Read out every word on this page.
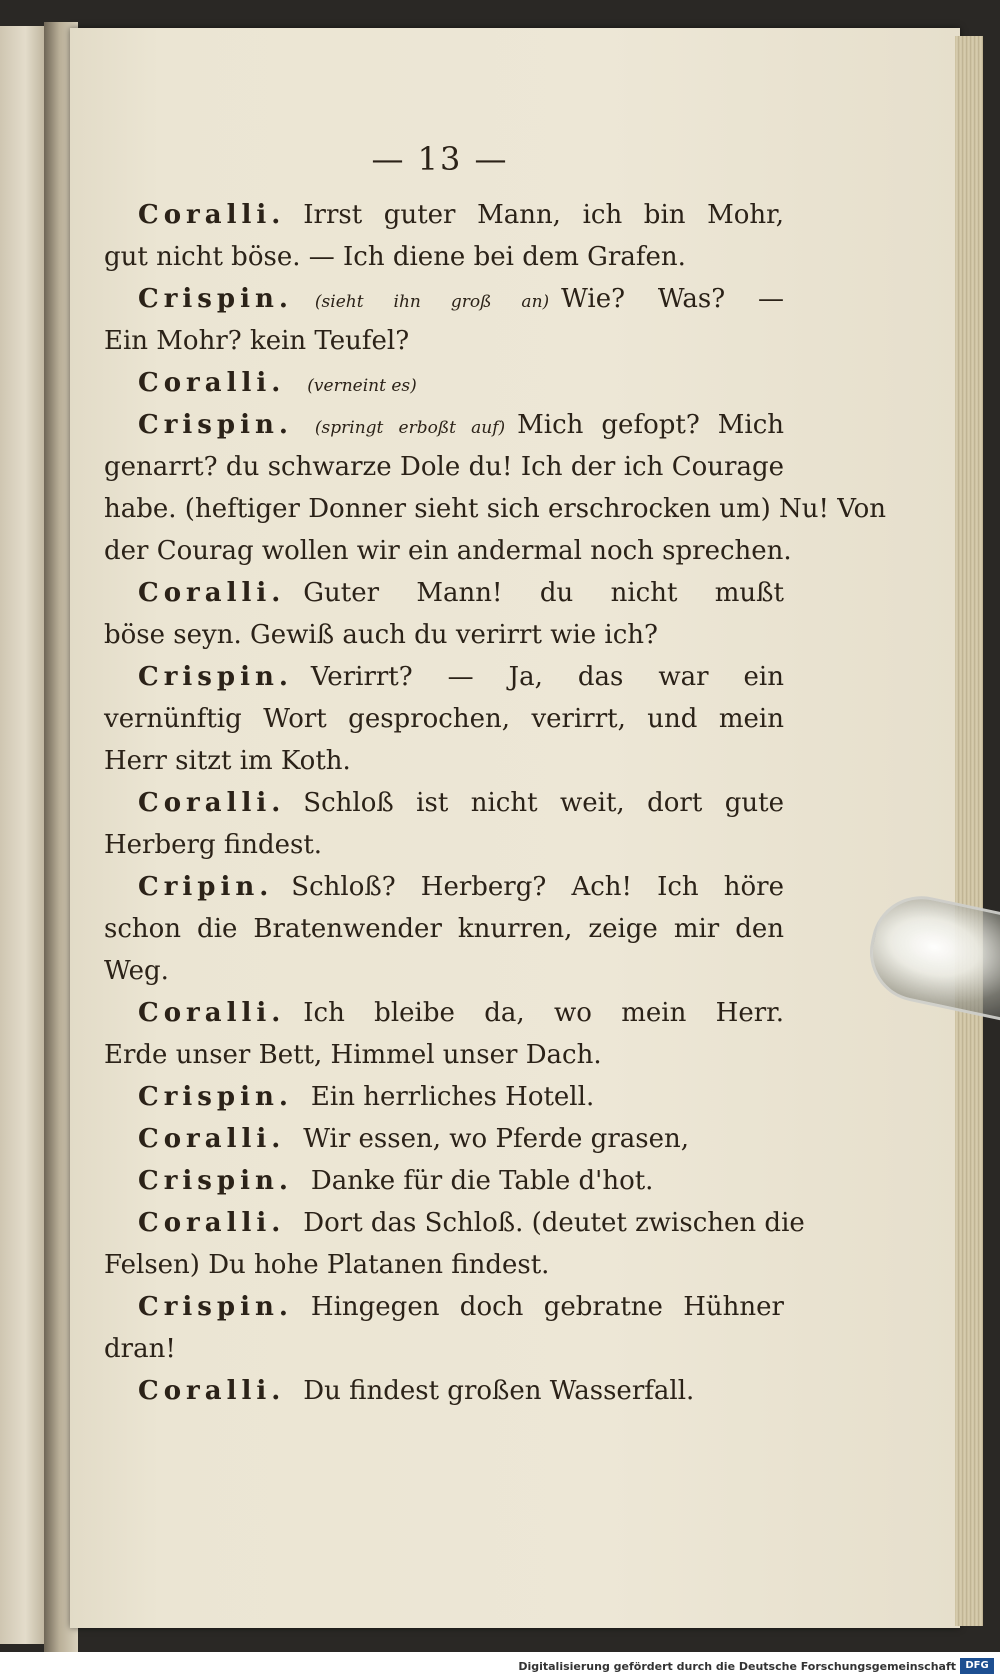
— 13 —
Coralli. Irrst guter Mann, ich bin Mohr,
gut nicht böse. — Ich diene bei dem Grafen.
Crispin. (sieht ihn groß an) Wie? Was? —
Ein Mohr? kein Teufel?
Coralli. (verneint es)
Crispin. (springt erboßt auf) Mich gefopt? Mich
genarrt? du schwarze Dole du! Ich der ich Courage
habe. (heftiger Donner sieht sich erschrocken um) Nu! Von
der Courag wollen wir ein andermal noch sprechen.
Coralli. Guter Mann! du nicht mußt
böse seyn. Gewiß auch du verirrt wie ich?
Crispin. Verirrt? — Ja, das war ein
vernünftig Wort gesprochen, verirrt, und mein
Herr sitzt im Koth.
Coralli. Schloß ist nicht weit, dort gute
Herberg findest.
Cripin. Schloß? Herberg? Ach! Ich höre
schon die Bratenwender knurren, zeige mir den
Weg.
Coralli. Ich bleibe da, wo mein Herr.
Erde unser Bett, Himmel unser Dach.
Crispin. Ein herrliches Hotell.
Coralli. Wir essen, wo Pferde grasen,
Crispin. Danke für die Table d'hot.
Coralli. Dort das Schloß. (deutet zwischen die
Felsen) Du hohe Platanen findest.
Crispin. Hingegen doch gebratne Hühner
dran!
Coralli. Du findest großen Wasserfall.
Digitalisierung gefördert durch die Deutsche Forschungsgemeinschaft DFG
